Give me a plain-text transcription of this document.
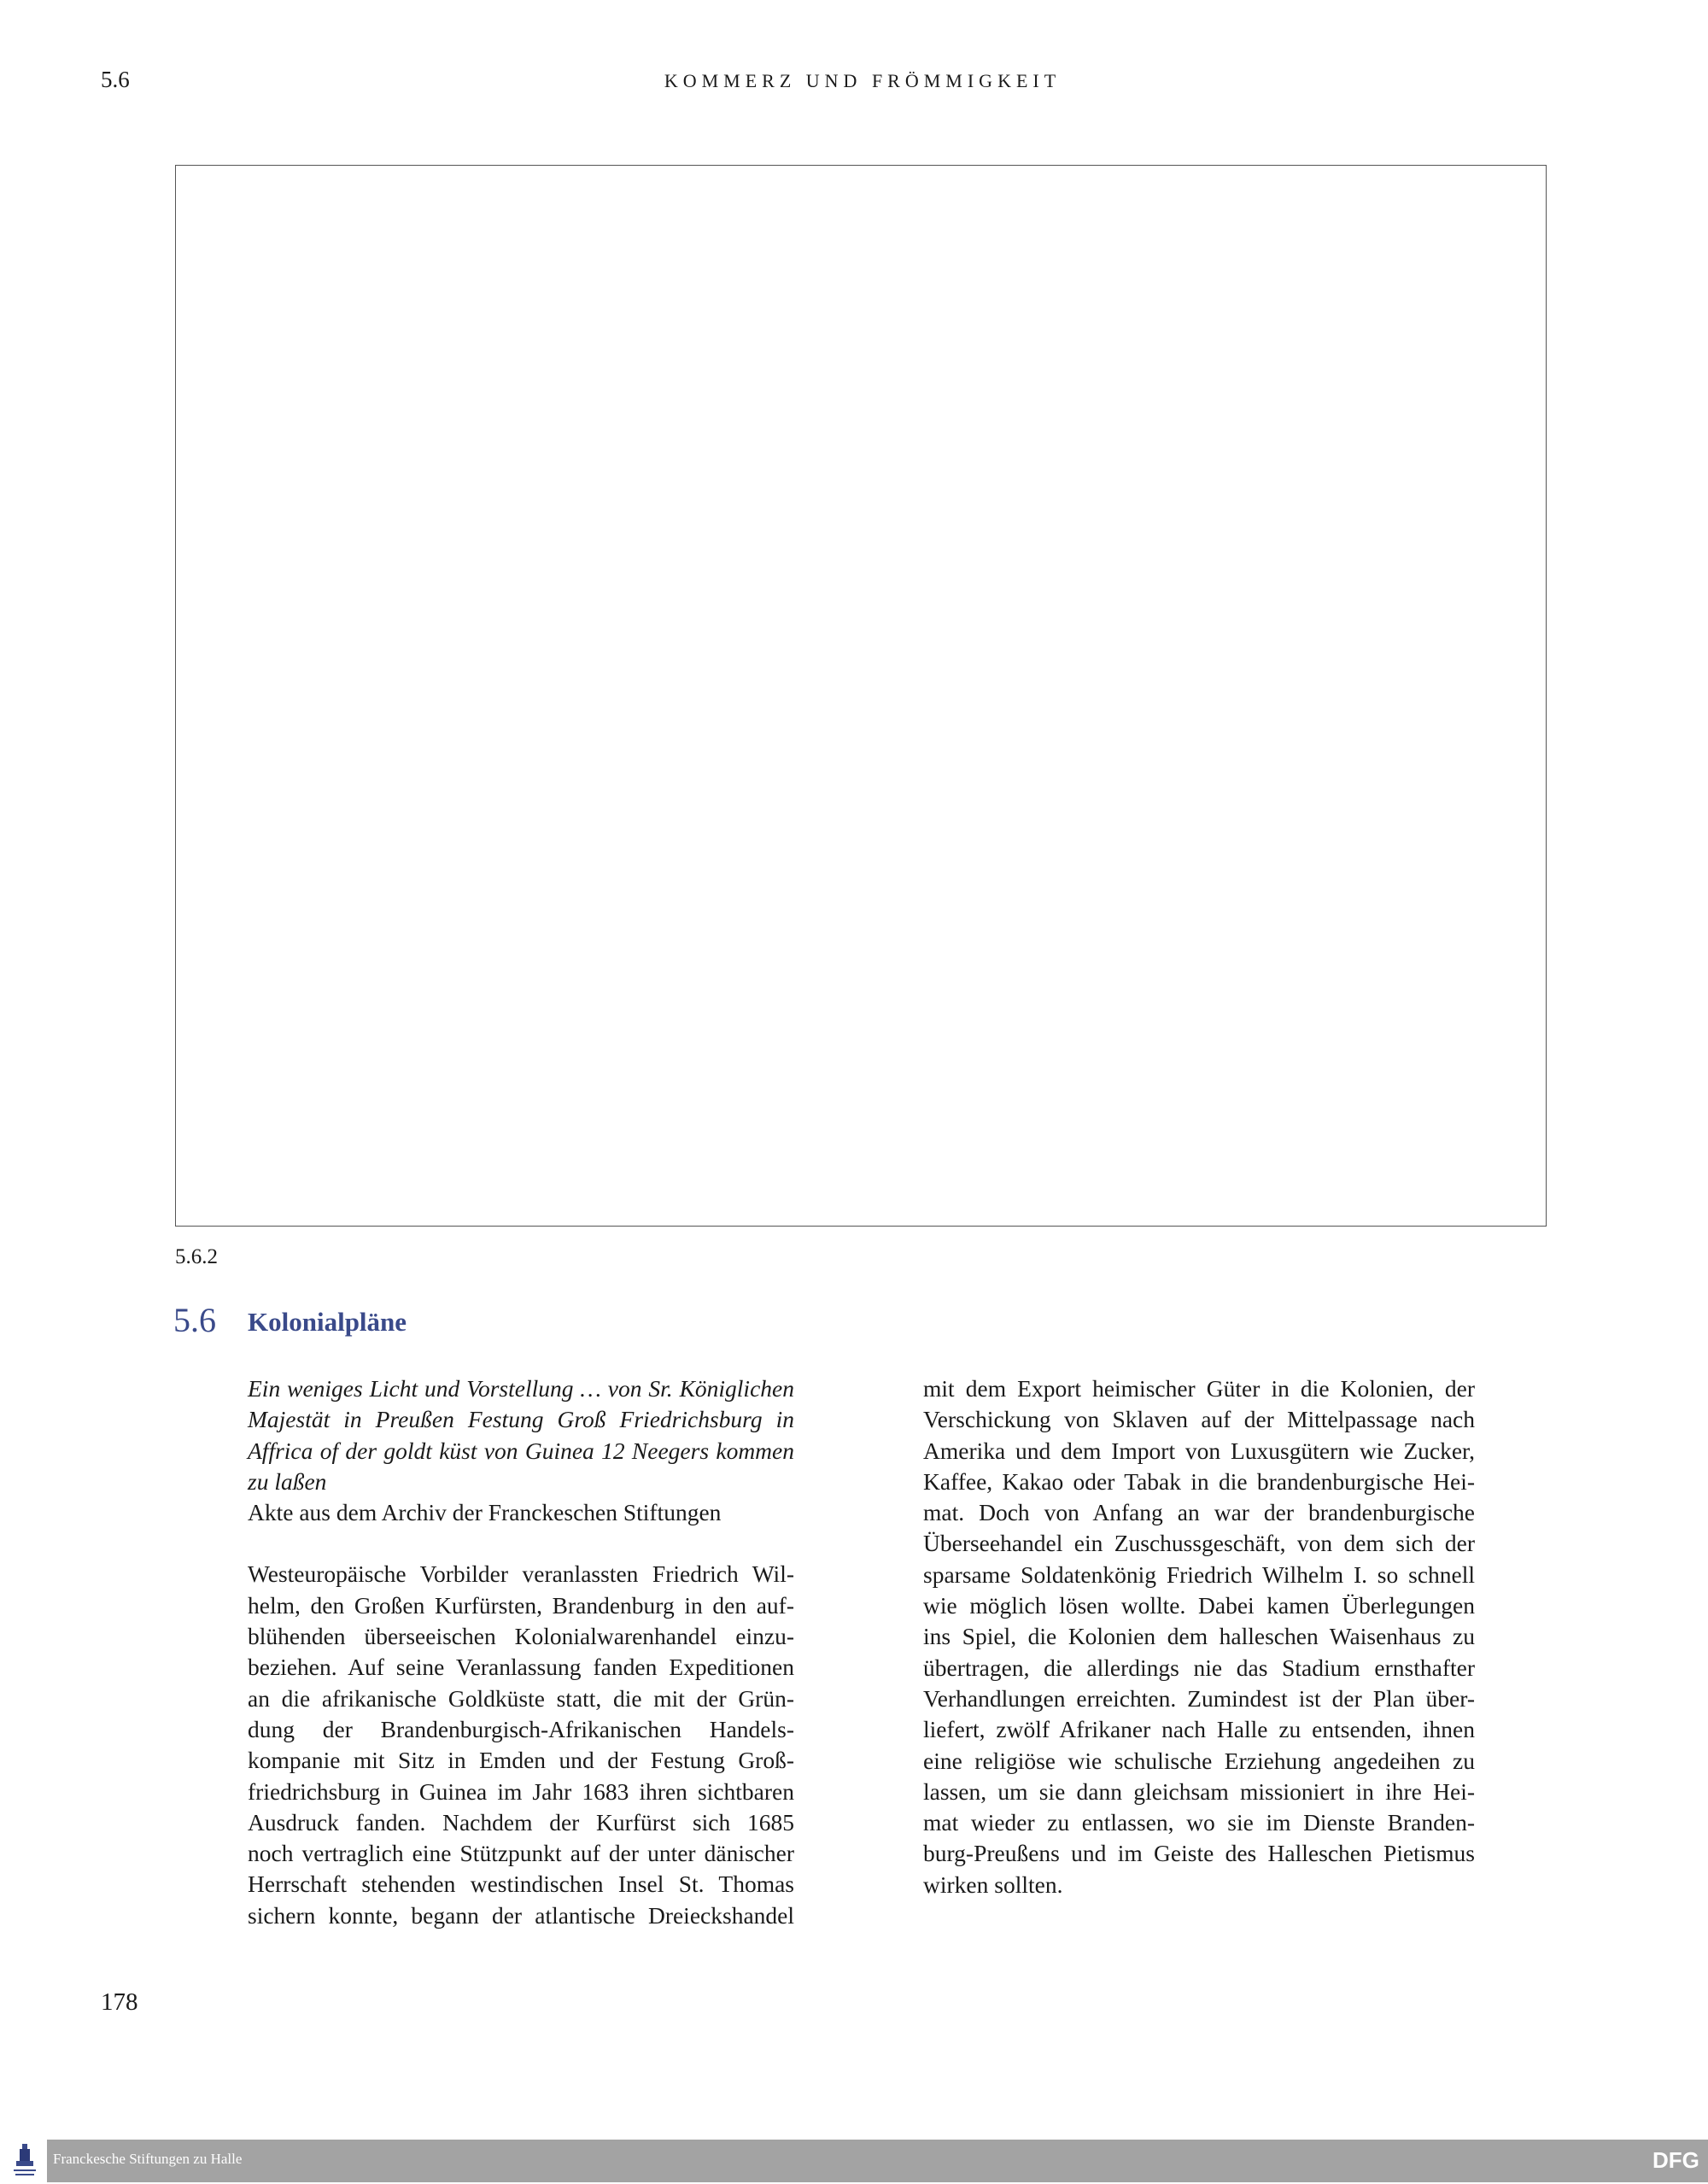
5.6	KOMMERZ UND FRÖMMIGKEIT
5.6.2
5.6 Kolonialpläne
Ein weniges Licht und Vorstellung … von Sr. Königlichen
Majestät in Preußen Festung Groß Friedrichsburg in
Affrica of der goldt küst von Guinea 12 Neegers kommen
zu laßen
Akte aus dem Archiv der Franckeschen Stiftungen
Westeuropäische Vorbilder veranlassten Friedrich Wil-
helm, den Großen Kurfürsten, Brandenburg in den auf-
blühenden überseeischen Kolonialwarenhandel einzu-
beziehen. Auf seine Veranlassung fanden Expeditionen
an die afrikanische Goldküste statt, die mit der Grün-
dung der Brandenburgisch-Afrikanischen Handels-
kompanie mit Sitz in Emden und der Festung Groß-
friedrichsburg in Guinea im Jahr 1683 ihren sichtbaren
Ausdruck fanden. Nachdem der Kurfürst sich 1685
noch vertraglich eine Stützpunkt auf der unter dänischer
Herrschaft stehenden westindischen Insel St. Thomas
sichern konnte, begann der atlantische Dreieckshandel
mit dem Export heimischer Güter in die Kolonien, der
Verschickung von Sklaven auf der Mittelpassage nach
Amerika und dem Import von Luxusgütern wie Zucker,
Kaffee, Kakao oder Tabak in die brandenburgische Hei-
mat. Doch von Anfang an war der brandenburgische
Überseehandel ein Zuschussgeschäft, von dem sich der
sparsame Soldatenkönig Friedrich Wilhelm I. so schnell
wie möglich lösen wollte. Dabei kamen Überlegungen
ins Spiel, die Kolonien dem halleschen Waisenhaus zu
übertragen, die allerdings nie das Stadium ernsthafter
Verhandlungen erreichten. Zumindest ist der Plan über-
liefert, zwölf Afrikaner nach Halle zu entsenden, ihnen
eine religiöse wie schulische Erziehung angedeihen zu
lassen, um sie dann gleichsam missioniert in ihre Hei-
mat wieder zu entlassen, wo sie im Dienste Branden-
burg-Preußens und im Geiste des Halleschen Pietismus
wirken sollten.
178
Franckesche Stiftungen zu Halle	DFG
